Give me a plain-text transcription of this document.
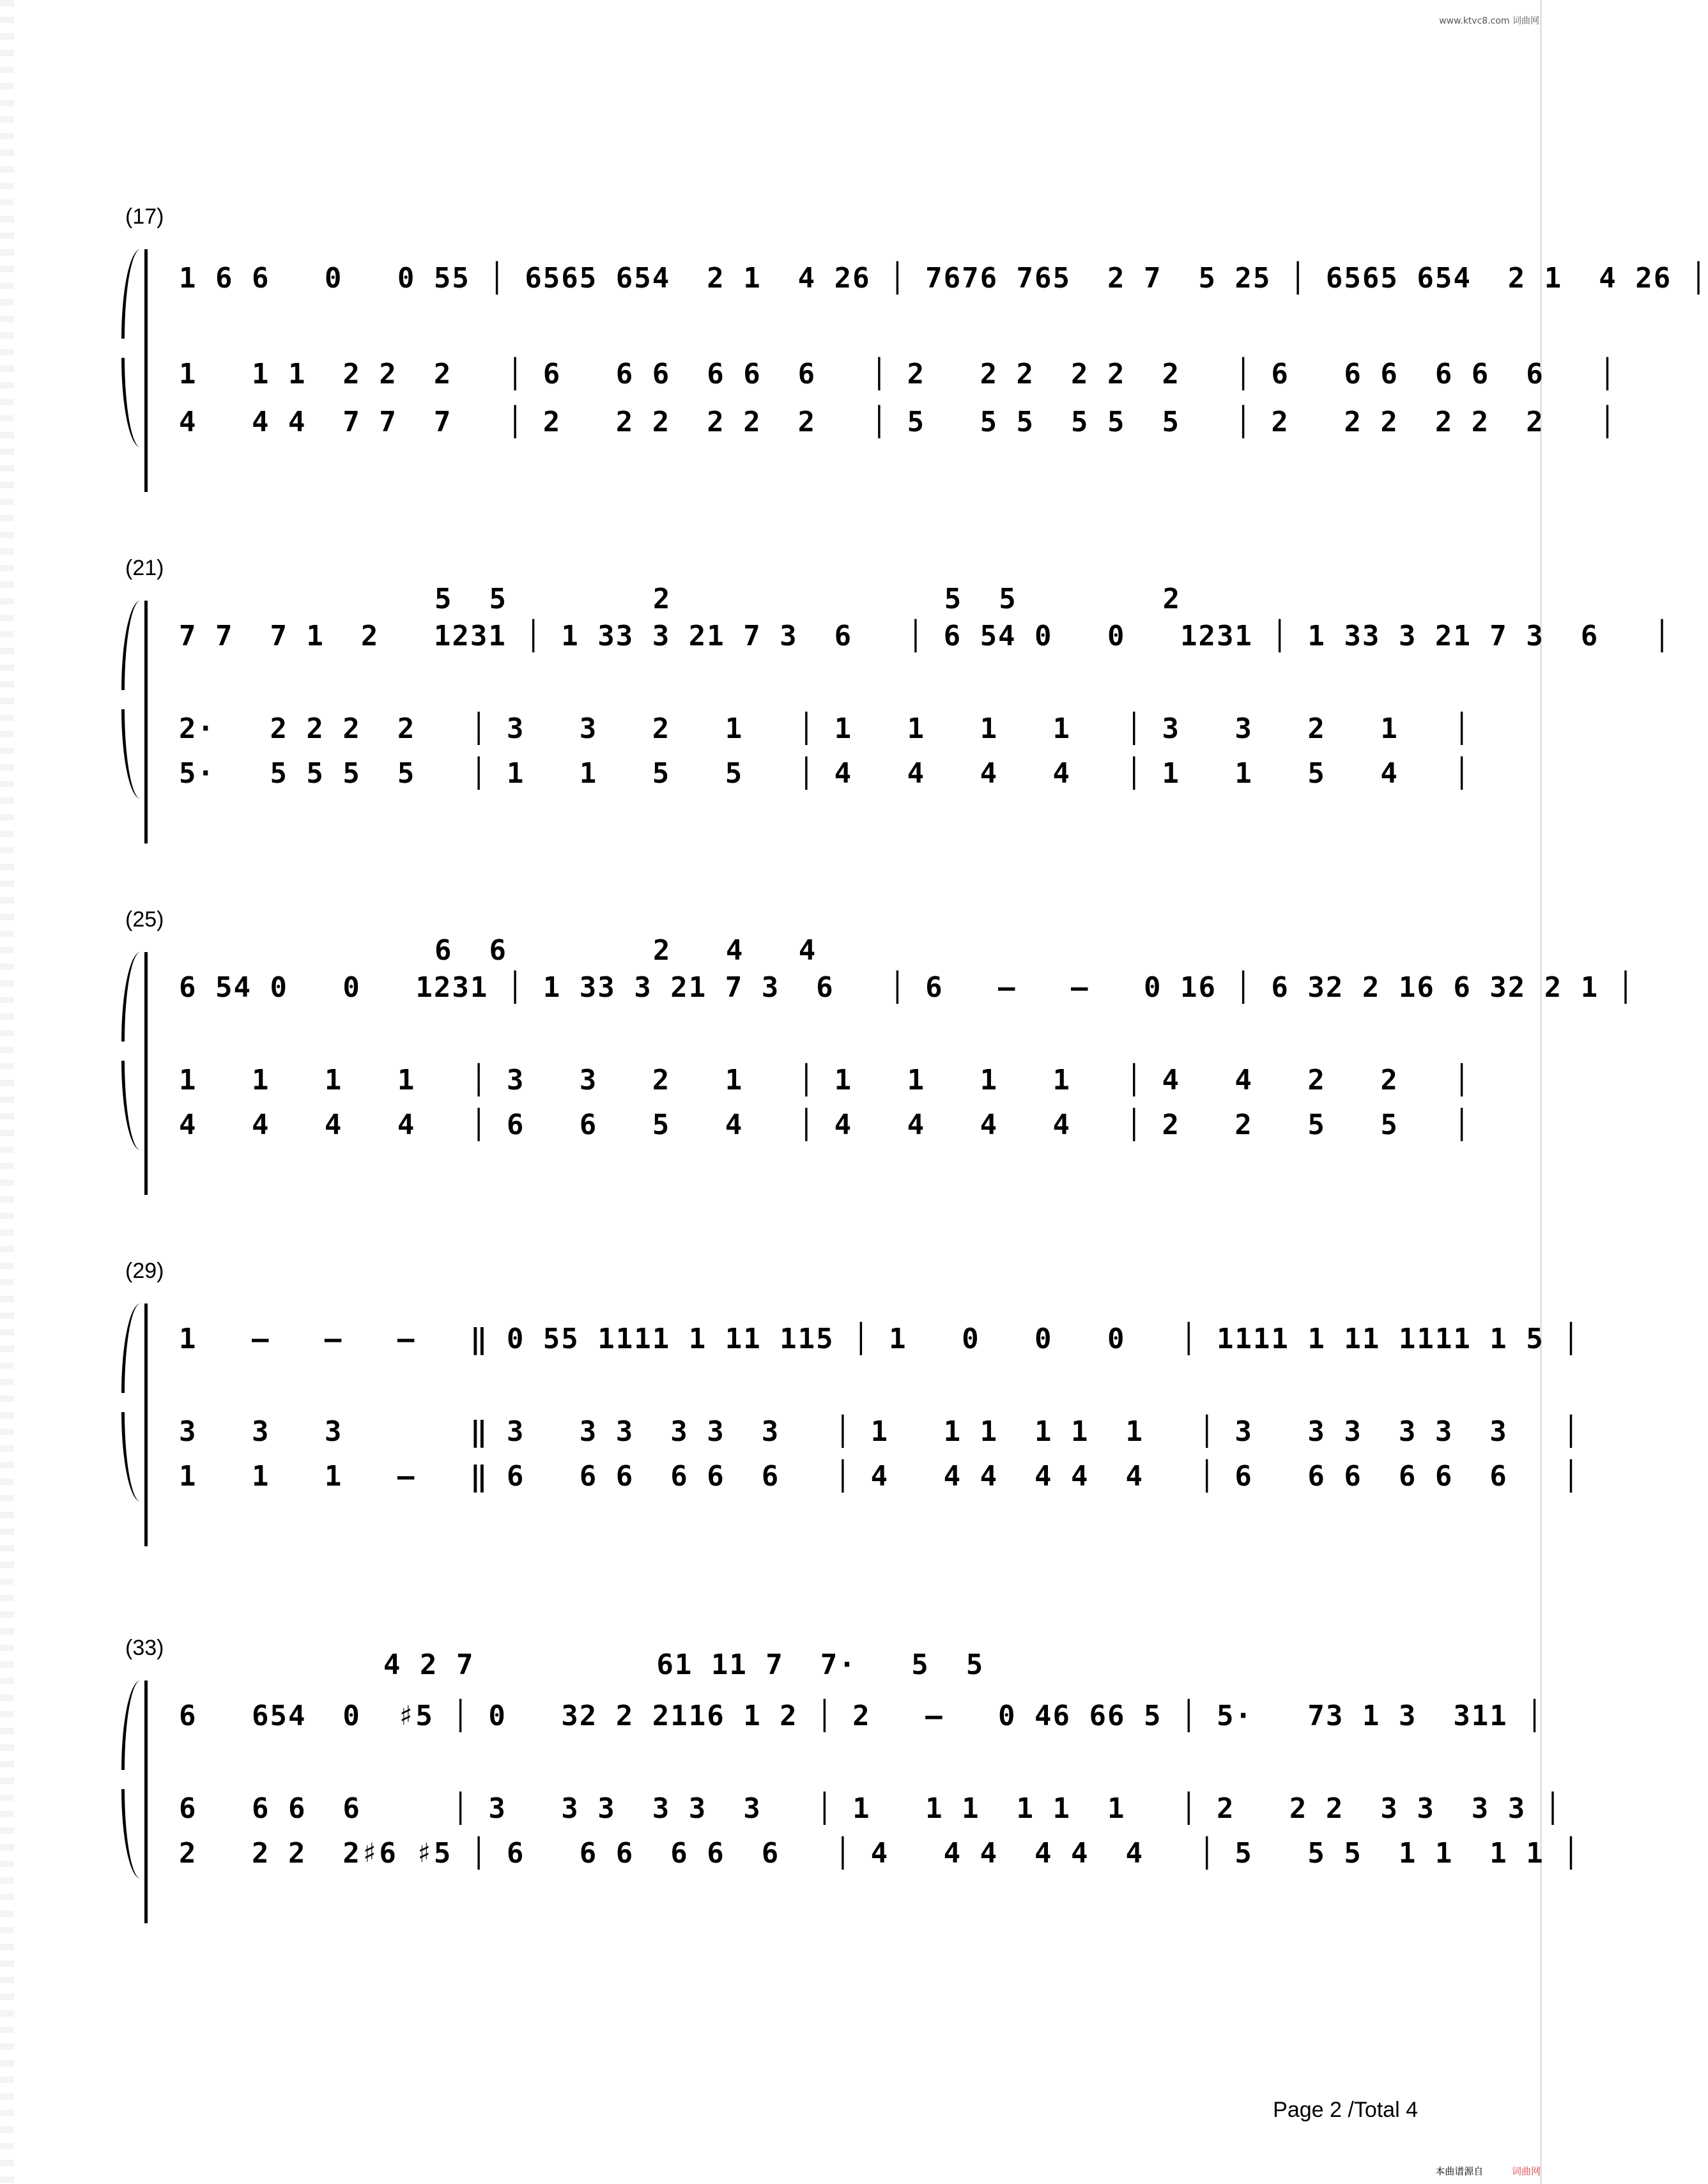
www.ktvc8.com 词曲网
(17)
1 6 6   0   0 55 │ 6565 654  2 1  4 26 │ 7676 765  2 7  5 25 │ 6565 654  2 1  4 26 │
1   1 1  2 2  2   │ 6   6 6  6 6  6   │ 2   2 2  2 2  2   │ 6   6 6  6 6  6   │
4   4 4  7 7  7   │ 2   2 2  2 2  2   │ 5   5 5  5 5  5   │ 2   2 2  2 2  2   │
(21)
5  5        2               5  5        2
7 7  7 1  2   1231 │ 1 33 3 21 7 3  6   │ 6 54 0   0   1231 │ 1 33 3 21 7 3  6   │
2·   2 2 2  2   │ 3   3   2   1   │ 1   1   1   1   │ 3   3   2   1   │
5·   5 5 5  5   │ 1   1   5   5   │ 4   4   4   4   │ 1   1   5   4   │
(25)
6  6        2   4   4
6 54 0   0   1231 │ 1 33 3 21 7 3  6   │ 6   –   –   0 16 │ 6 32 2 16 6 32 2 1 │
1   1   1   1   │ 3   3   2   1   │ 1   1   1   1   │ 4   4   2   2   │
4   4   4   4   │ 6   6   5   4   │ 4   4   4   4   │ 2   2   5   5   │
(29)
1   –   –   –   ‖ 0 55 1111 1 11 115 │ 1   0   0   0   │ 1111 1 11 1111 1 5 │
3   3   3       ‖ 3   3 3  3 3  3   │ 1   1 1  1 1  1   │ 3   3 3  3 3  3   │
1   1   1   –   ‖ 6   6 6  6 6  6   │ 4   4 4  4 4  4   │ 6   6 6  6 6  6   │
(33)
4 2 7          61 11 7  7·   5  5
6   654  0  ♯5 │ 0   32 2 2116 1 2 │ 2   –   0 46 66 5 │ 5·   73 1 3  311 │
6   6 6  6     │ 3   3 3  3 3  3   │ 1   1 1  1 1  1   │ 2   2 2  3 3  3 3 │
2   2 2  2♯6 ♯5 │ 6   6 6  6 6  6   │ 4   4 4  4 4  4   │ 5   5 5  1 1  1 1 │
Page 2 /Total 4
本曲谱源自	词曲网
